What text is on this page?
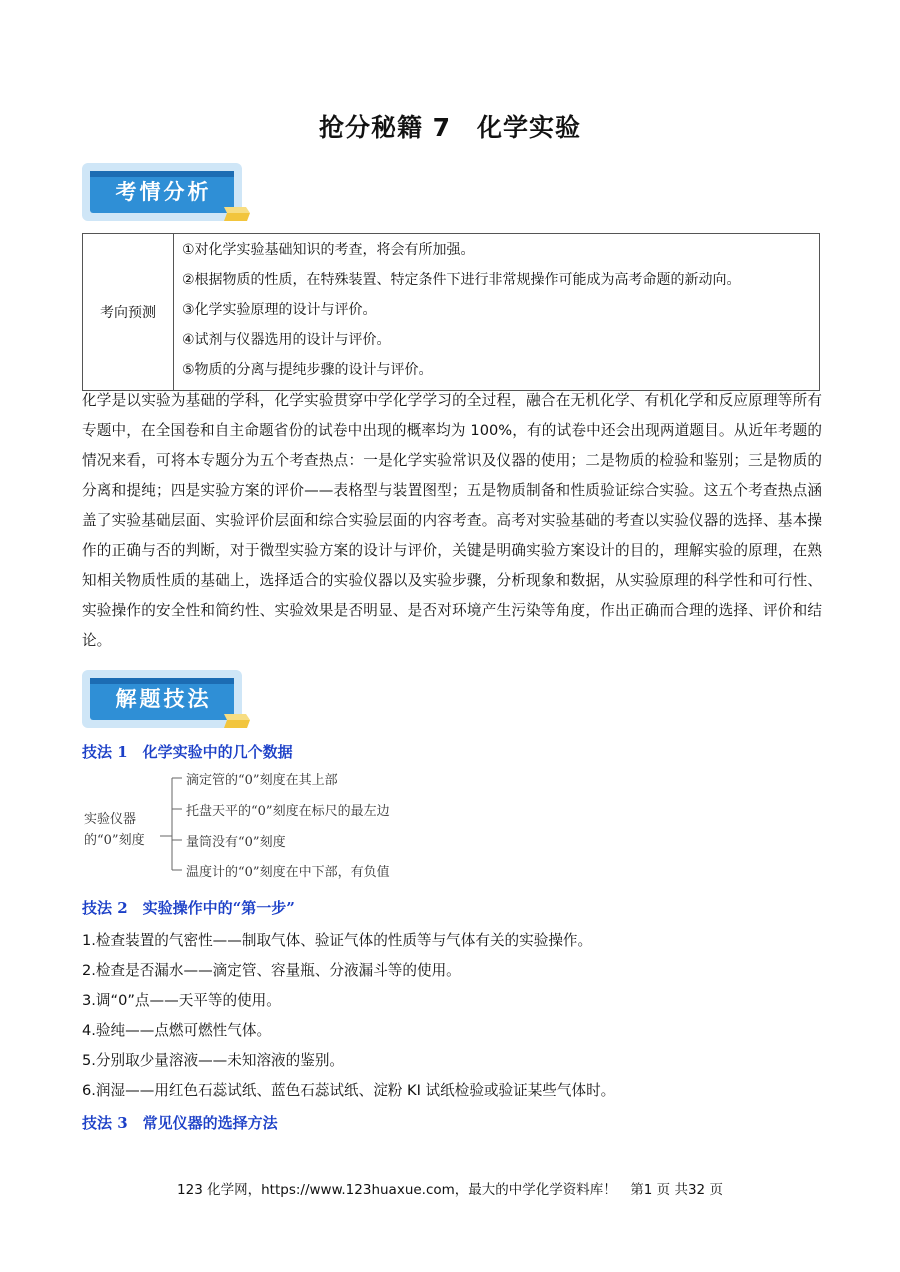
抢分秘籍 7　化学实验
考情分析
考向预测	
①对化学实验基础知识的考查，将会有所加强。
②根据物质的性质，在特殊装置、特定条件下进行非常规操作可能成为高考命题的新动向。
③化学实验原理的设计与评价。
④试剂与仪器选用的设计与评价。
⑤物质的分离与提纯步骤的设计与评价。
化学是以实验为基础的学科，化学实验贯穿中学化学学习的全过程，融合在无机化学、有机化学和反应原理等所有专题中，在全国卷和自主命题省份的试卷中出现的概率均为 100%，有的试卷中还会出现两道题目。从近年考题的情况来看，可将本专题分为五个考查热点：一是化学实验常识及仪器的使用；二是物质的检验和鉴别；三是物质的分离和提纯；四是实验方案的评价——表格型与装置图型；五是物质制备和性质验证综合实验。这五个考查热点涵盖了实验基础层面、实验评价层面和综合实验层面的内容考查。高考对实验基础的考查以实验仪器的选择、基本操作的正确与否的判断，对于微型实验方案的设计与评价，关键是明确实验方案设计的目的，理解实验的原理，在熟知相关物质性质的基础上，选择适合的实验仪器以及实验步骤，分析现象和数据，从实验原理的科学性和可行性、实验操作的安全性和简约性、实验效果是否明显、是否对环境产生污染等角度，作出正确而合理的选择、评价和结论。
解题技法
技法 1　化学实验中的几个数据
实验仪器
的“0”刻度
滴定管的“0”刻度在其上部
托盘天平的“0”刻度在标尺的最左边
量筒没有“0”刻度
温度计的“0”刻度在中下部，有负值
技法 2　实验操作中的“第一步”
1.检查装置的气密性——制取气体、验证气体的性质等与气体有关的实验操作。
2.检查是否漏水——滴定管、容量瓶、分液漏斗等的使用。
3.调“0”点——天平等的使用。
4.验纯——点燃可燃性气体。
5.分别取少量溶液——未知溶液的鉴别。
6.润湿——用红色石蕊试纸、蓝色石蕊试纸、淀粉 KI 试纸检验或验证某些气体时。
技法 3　常见仪器的选择方法
123 化学网，https://www.123huaxue.com，最大的中学化学资料库！　第1 页 共32 页
